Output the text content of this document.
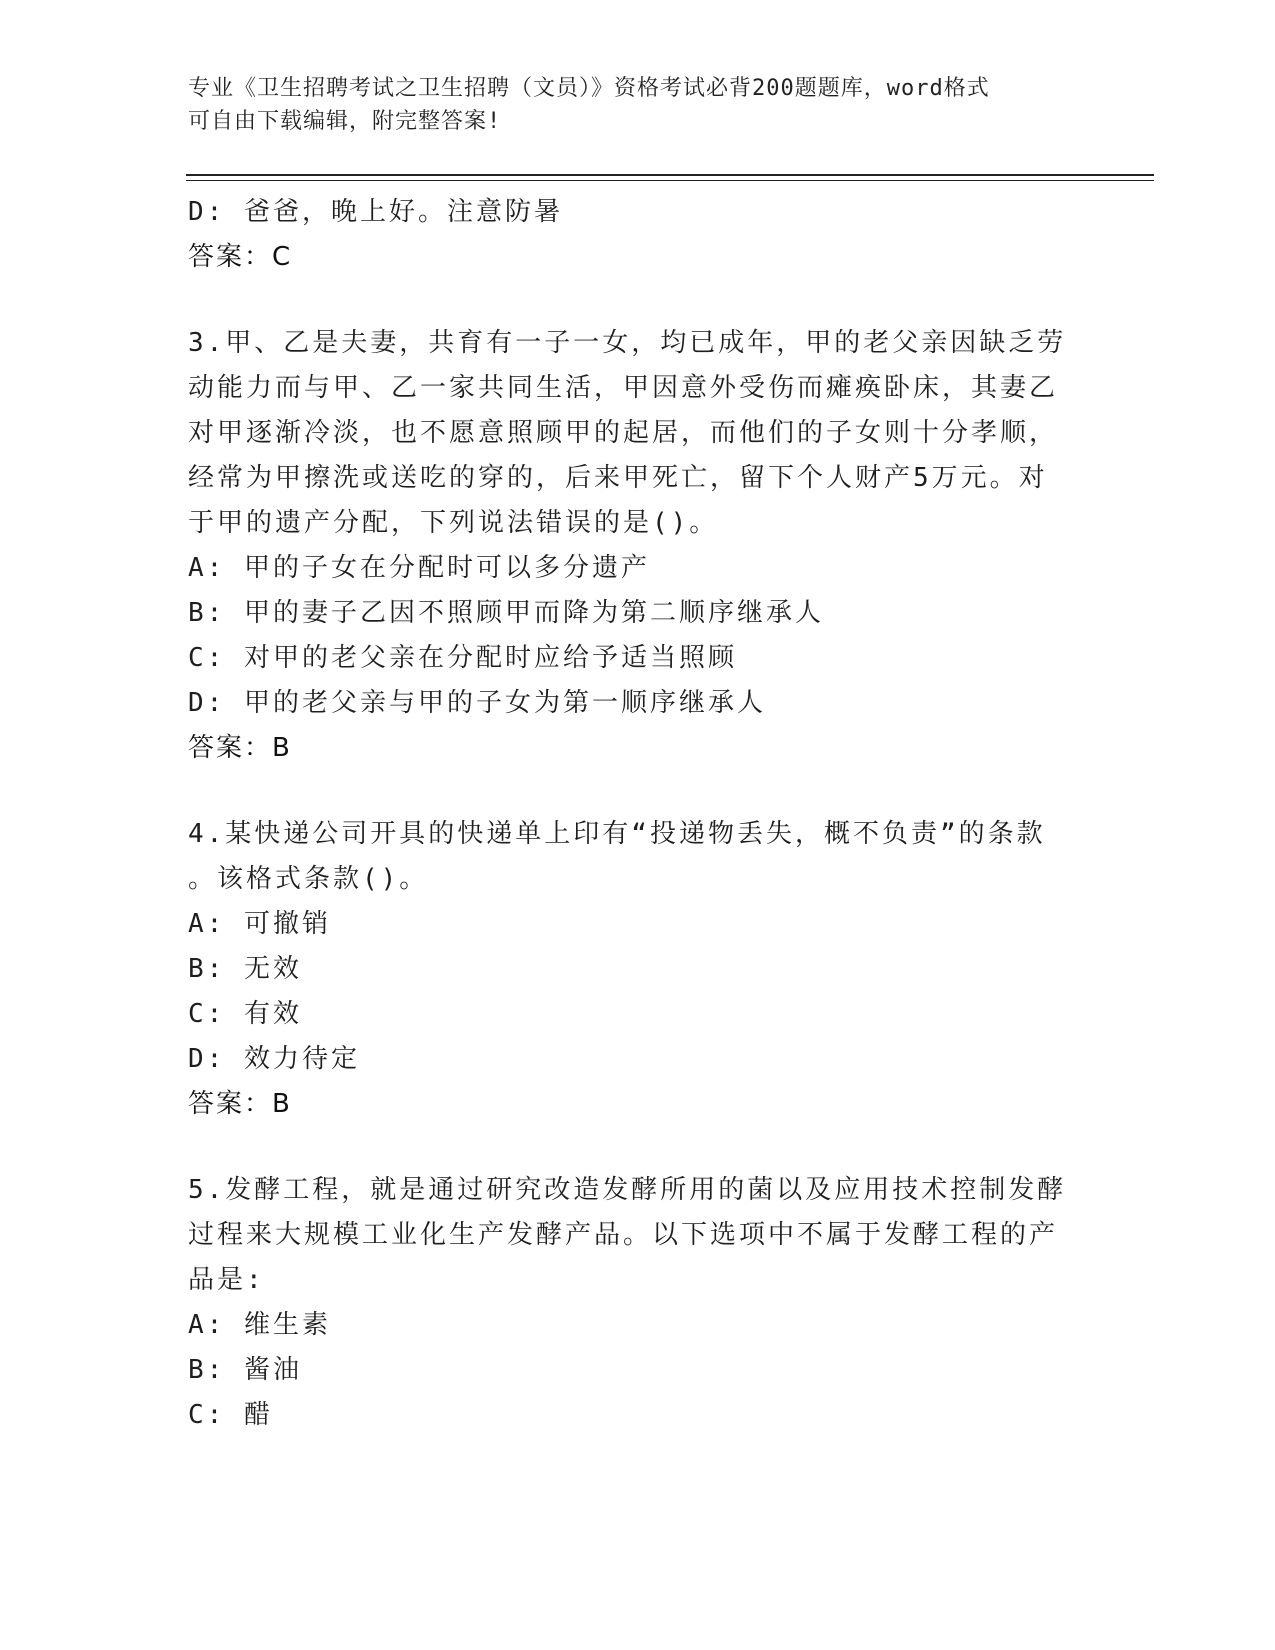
专业《卫生招聘考试之卫生招聘（文员）》资格考试必背200题题库，word格式

可自由下载编辑，附完整答案!

D: 爸爸，晚上好。注意防暑
答案：C
3.甲、乙是夫妻，共育有一子一女，均已成年，甲的老父亲因缺乏劳
动能力而与甲、乙一家共同生活，甲因意外受伤而瘫痪卧床，其妻乙
对甲逐渐冷淡，也不愿意照顾甲的起居，而他们的子女则十分孝顺，
经常为甲擦洗或送吃的穿的，后来甲死亡，留下个人财产5万元。对
于甲的遗产分配，下列说法错误的是()。
A: 甲的子女在分配时可以多分遗产
B: 甲的妻子乙因不照顾甲而降为第二顺序继承人
C: 对甲的老父亲在分配时应给予适当照顾
D: 甲的老父亲与甲的子女为第一顺序继承人
答案：B
4.某快递公司开具的快递单上印有“投递物丢失，概不负责”的条款
。该格式条款()。
A: 可撤销
B: 无效
C: 有效
D: 效力待定
答案：B
5.发酵工程，就是通过研究改造发酵所用的菌以及应用技术控制发酵
过程来大规模工业化生产发酵产品。以下选项中不属于发酵工程的产
品是:
A: 维生素
B: 酱油
C: 醋
